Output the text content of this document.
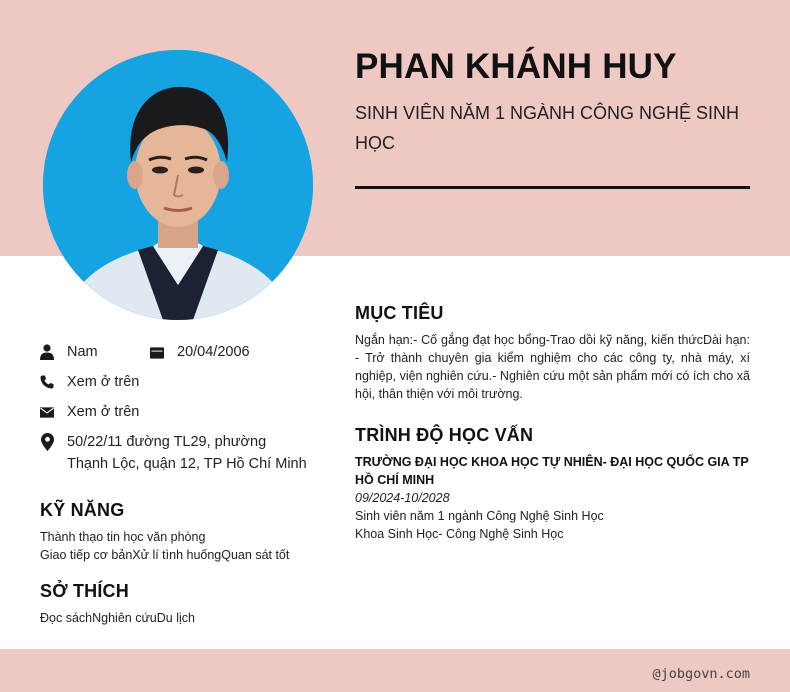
PHAN KHÁNH HUY
SINH VIÊN NĂM 1 NGÀNH CÔNG NGHỆ SINH HỌC
Nam	20/04/2006
Xem ở trên
Xem ở trên
50/22/11 đường TL29, phường
Thạnh Lộc, quận 12, TP Hồ Chí Minh
KỸ NĂNG
Thành thạo tin học văn phòng
Giao tiếp cơ bảnXử lí tình huốngQuan sát tốt
SỞ THÍCH
Đọc sáchNghiên cứuDu lịch
MỤC TIÊU
Ngắn hạn:- Cố gắng đạt học bổng-Trao dồi kỹ năng, kiến thứcDài hạn: - Trở thành chuyên gia kiểm nghiệm cho các công ty, nhà máy, xí nghiệp, viện nghiên cứu.- Nghiên cứu một sản phẩm mới có ích cho xã hội, thân thiện với môi trường.
TRÌNH ĐỘ HỌC VẤN
TRƯỜNG ĐẠI HỌC KHOA HỌC TỰ NHIÊN- ĐẠI HỌC QUỐC GIA TP HỒ CHÍ MINH
09/2024-10/2028
Sinh viên năm 1 ngành Công Nghệ Sinh Học
Khoa Sinh Học- Công Nghệ Sinh Học
@jobgovn.com
